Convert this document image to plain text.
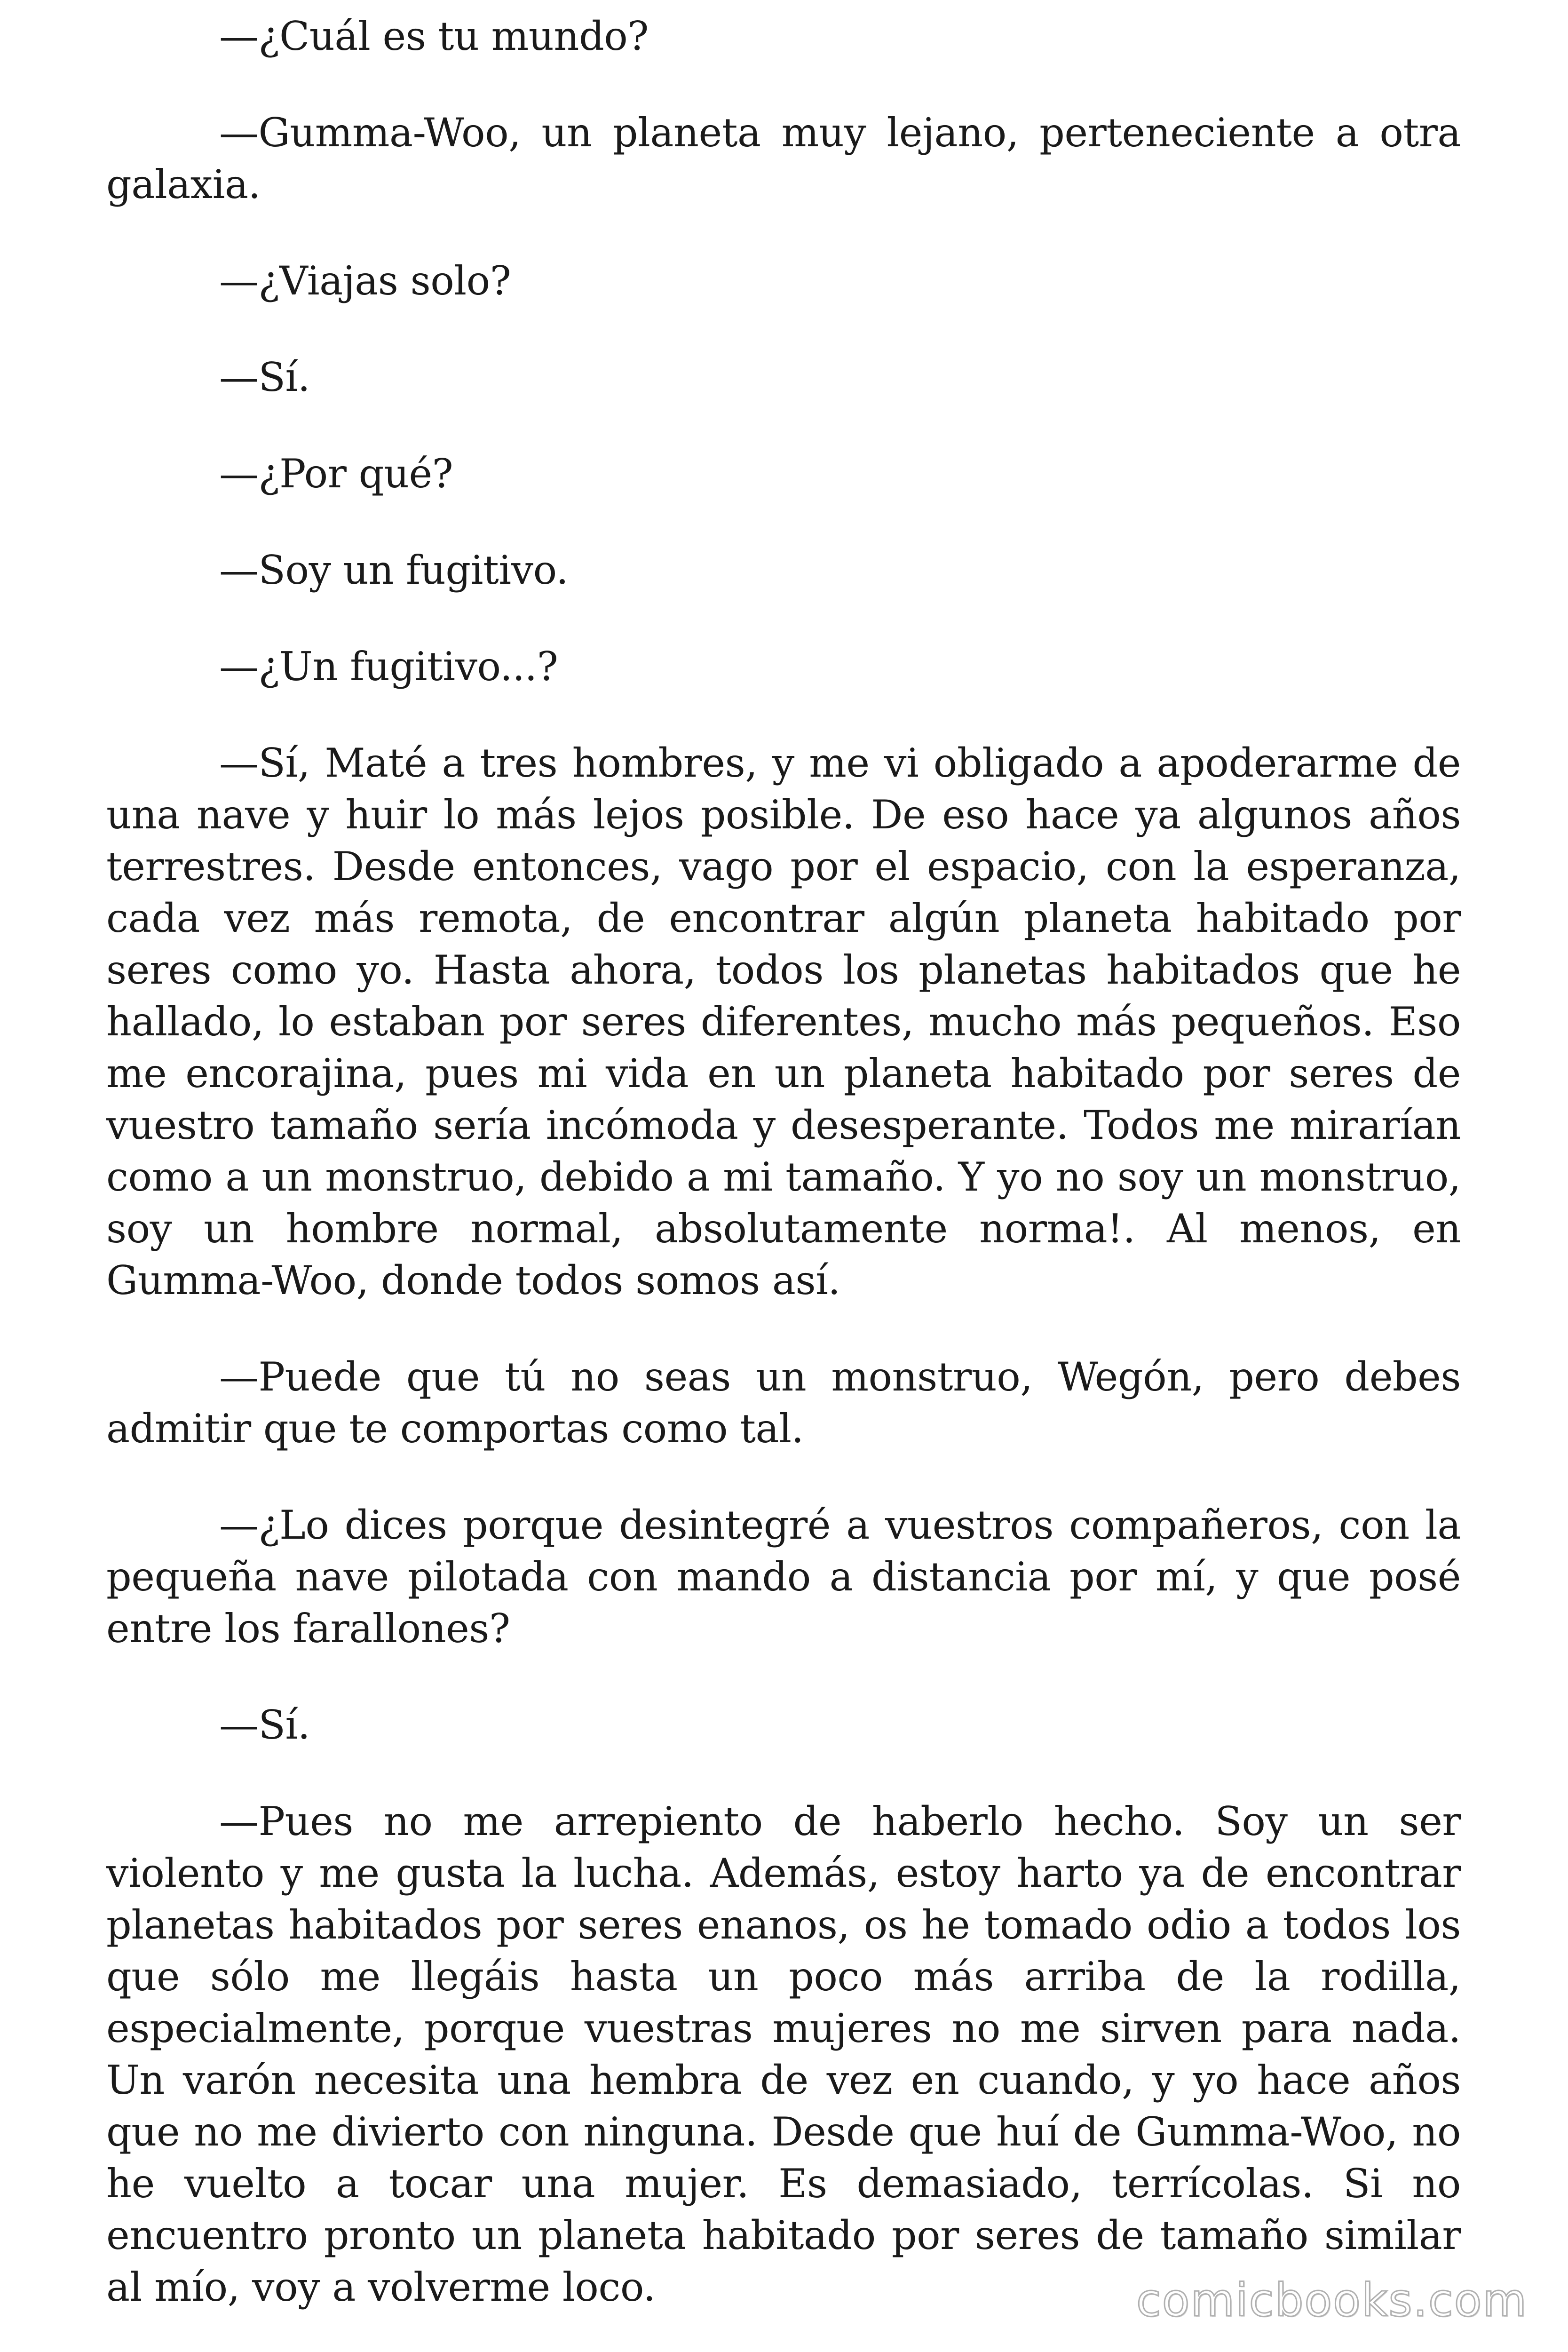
—¿Cuál es tu mundo?

—Gumma-Woo, un planeta muy lejano, perteneciente a otra galaxia.

—¿Viajas solo?

—Sí.

—¿Por qué?

—Soy un fugitivo.

—¿Un fugitivo...?

—Sí, Maté a tres hombres, y me vi obligado a apoderarme de una nave y huir lo más lejos posible. De eso hace ya algunos años terrestres. Desde entonces, vago por el espacio, con la esperanza, cada vez más remota, de encontrar algún planeta habitado por seres como yo. Hasta ahora, todos los planetas habitados que he hallado, lo estaban por seres diferentes, mucho más pequeños. Eso me encorajina, pues mi vida en un planeta habitado por seres de vuestro tamaño sería incómoda y desesperante. Todos me mirarían como a un monstruo, debido a mi tamaño. Y yo no soy un monstruo, soy un hombre normal, absolutamente norma!. Al menos, en Gumma-Woo, donde todos somos así.

—Puede que tú no seas un monstruo, Wegón, pero debes admitir que te comportas como tal.

—¿Lo dices porque desintegré a vuestros compañeros, con la pequeña nave pilotada con mando a distancia por mí, y que posé entre los farallones?

—Sí.

—Pues no me arrepiento de haberlo hecho. Soy un ser violento y me gusta la lucha. Además, estoy harto ya de encontrar planetas habitados por seres enanos, os he tomado odio a todos los que sólo me llegáis hasta un poco más arriba de la rodilla, especialmente, porque vuestras mujeres no me sirven para nada. Un varón necesita una hembra de vez en cuando, y yo hace años que no me divierto con ninguna. Desde que huí de Gumma-Woo, no he vuelto a tocar una mujer. Es demasiado, terrícolas. Si no encuentro pronto un planeta habitado por seres de tamaño similar al mío, voy a volverme loco.	comicbooks.com
